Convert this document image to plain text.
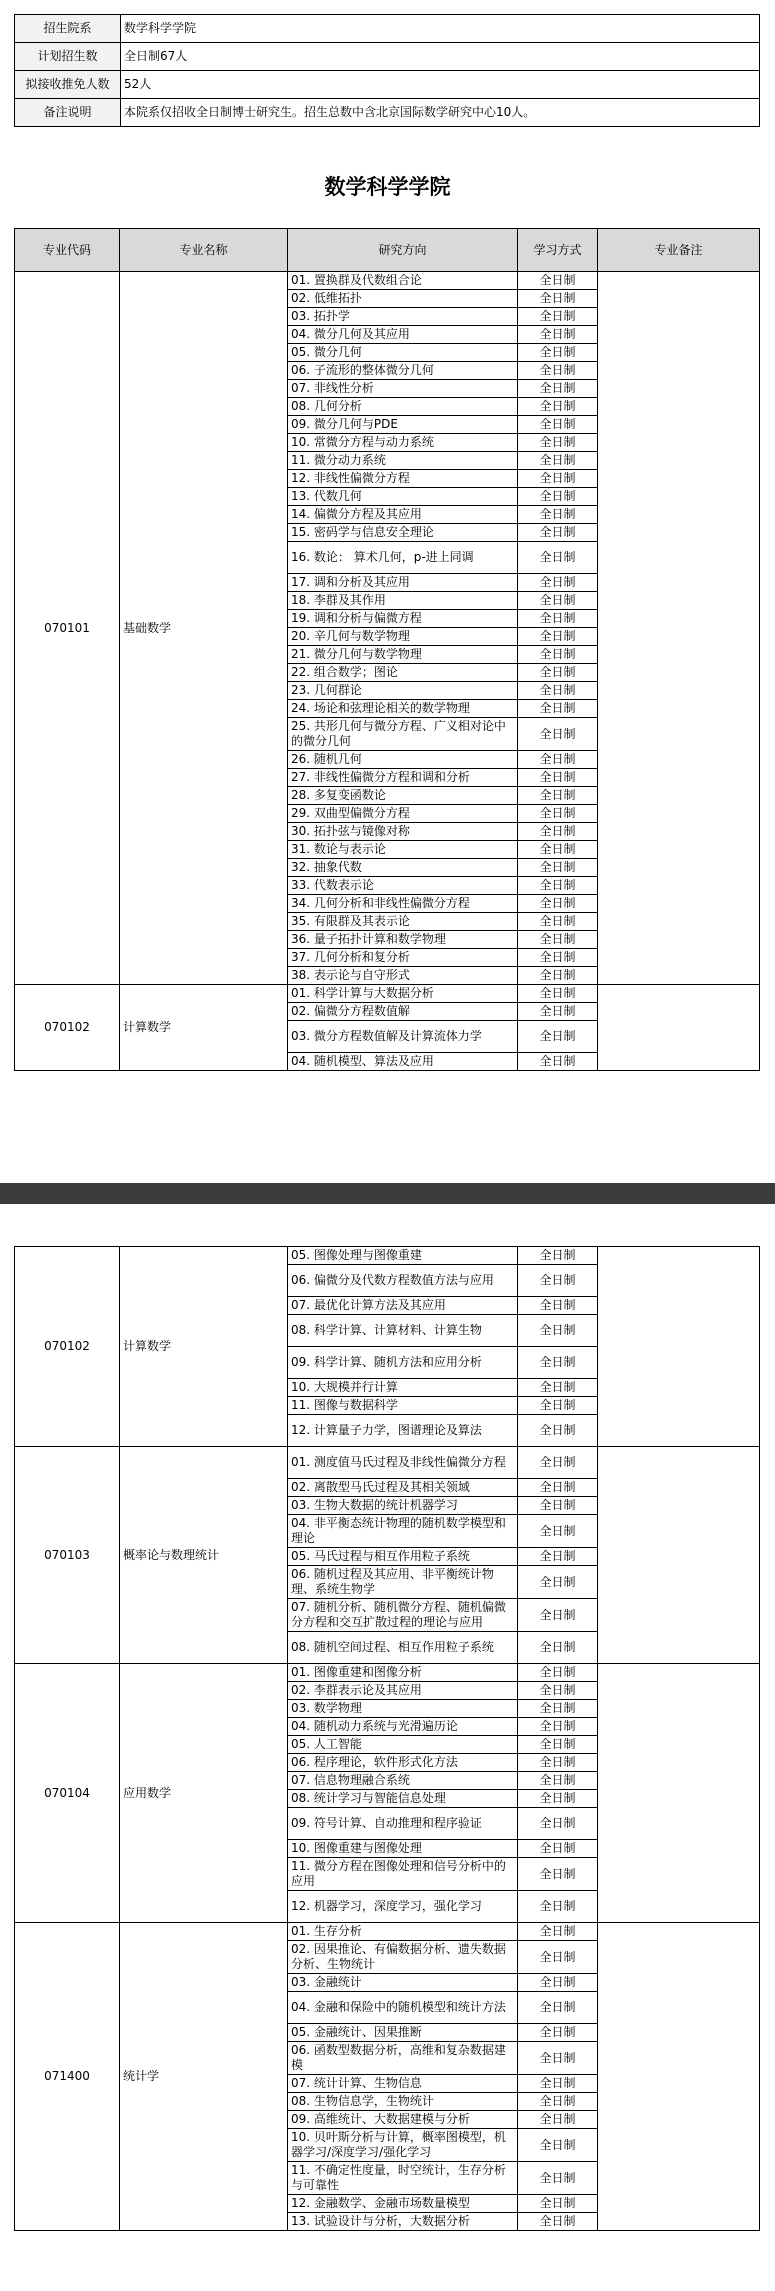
招生院系	数学科学学院
计划招生数	全日制67人
拟接收推免人数	52人
备注说明	本院系仅招收全日制博士研究生。招生总数中含北京国际数学研究中心10人。
数学科学学院
专业代码	专业名称	研究方向	学习方式	专业备注
070101	基础数学	01. 置换群及代数组合论	全日制	
		02. 低维拓扑	全日制	
		03. 拓扑学	全日制	
		04. 微分几何及其应用	全日制	
		05. 微分几何	全日制	
		06. 子流形的整体微分几何	全日制	
		07. 非线性分析	全日制	
		08. 几何分析	全日制	
		09. 微分几何与PDE	全日制	
		10. 常微分方程与动力系统	全日制	
		11. 微分动力系统	全日制	
		12. 非线性偏微分方程	全日制	
		13. 代数几何	全日制	
		14. 偏微分方程及其应用	全日制	
		15. 密码学与信息安全理论	全日制	
		16. 数论： 算术几何，p-进上同调	全日制	
		17. 调和分析及其应用	全日制	
		18. 李群及其作用	全日制	
		19. 调和分析与偏微方程	全日制	
		20. 辛几何与数学物理	全日制	
		21. 微分几何与数学物理	全日制	
		22. 组合数学；图论	全日制	
		23. 几何群论	全日制	
		24. 场论和弦理论相关的数学物理	全日制	
		25. 共形几何与微分方程、广义相对论中的微分几何	全日制	
		26. 随机几何	全日制	
		27. 非线性偏微分方程和调和分析	全日制	
		28. 多复变函数论	全日制	
		29. 双曲型偏微分方程	全日制	
		30. 拓扑弦与镜像对称	全日制	
		31. 数论与表示论	全日制	
		32. 抽象代数	全日制	
		33. 代数表示论	全日制	
		34. 几何分析和非线性偏微分方程	全日制	
		35. 有限群及其表示论	全日制	
		36. 量子拓扑计算和数学物理	全日制	
		37. 几何分析和复分析	全日制	
		38. 表示论与自守形式	全日制	
070102	计算数学	01. 科学计算与大数据分析	全日制	
		02. 偏微分方程数值解	全日制	
		03. 微分方程数值解及计算流体力学	全日制	
		04. 随机模型、算法及应用	全日制	
070102	计算数学	05. 图像处理与图像重建	全日制	
		06. 偏微分及代数方程数值方法与应用	全日制	
		07. 最优化计算方法及其应用	全日制	
		08. 科学计算、计算材料、计算生物	全日制	
		09. 科学计算、随机方法和应用分析	全日制	
		10. 大规模并行计算	全日制	
		11. 图像与数据科学	全日制	
		12. 计算量子力学，图谱理论及算法	全日制	
070103	概率论与数理统计	01. 测度值马氏过程及非线性偏微分方程	全日制	
		02. 离散型马氏过程及其相关领域	全日制	
		03. 生物大数据的统计机器学习	全日制	
		04. 非平衡态统计物理的随机数学模型和理论	全日制	
		05. 马氏过程与相互作用粒子系统	全日制	
		06. 随机过程及其应用、非平衡统计物理、系统生物学	全日制	
		07. 随机分析、随机微分方程、随机偏微分方程和交互扩散过程的理论与应用	全日制	
		08. 随机空间过程、相互作用粒子系统	全日制	
070104	应用数学	01. 图像重建和图像分析	全日制	
		02. 李群表示论及其应用	全日制	
		03. 数学物理	全日制	
		04. 随机动力系统与光滑遍历论	全日制	
		05. 人工智能	全日制	
		06. 程序理论，软件形式化方法	全日制	
		07. 信息物理融合系统	全日制	
		08. 统计学习与智能信息处理	全日制	
		09. 符号计算、自动推理和程序验证	全日制	
		10. 图像重建与图像处理	全日制	
		11. 微分方程在图像处理和信号分析中的应用	全日制	
		12. 机器学习，深度学习，强化学习	全日制	
071400	统计学	01. 生存分析	全日制	
		02. 因果推论、有偏数据分析、遗失数据分析、生物统计	全日制	
		03. 金融统计	全日制	
		04. 金融和保险中的随机模型和统计方法	全日制	
		05. 金融统计、因果推断	全日制	
		06. 函数型数据分析，高维和复杂数据建模	全日制	
		07. 统计计算、生物信息	全日制	
		08. 生物信息学，生物统计	全日制	
		09. 高维统计、大数据建模与分析	全日制	
		10. 贝叶斯分析与计算，概率图模型，机器学习/深度学习/强化学习	全日制	
		11. 不确定性度量，时空统计，生存分析与可靠性	全日制	
		12. 金融数学、金融市场数量模型	全日制	
		13. 试验设计与分析，大数据分析	全日制	
